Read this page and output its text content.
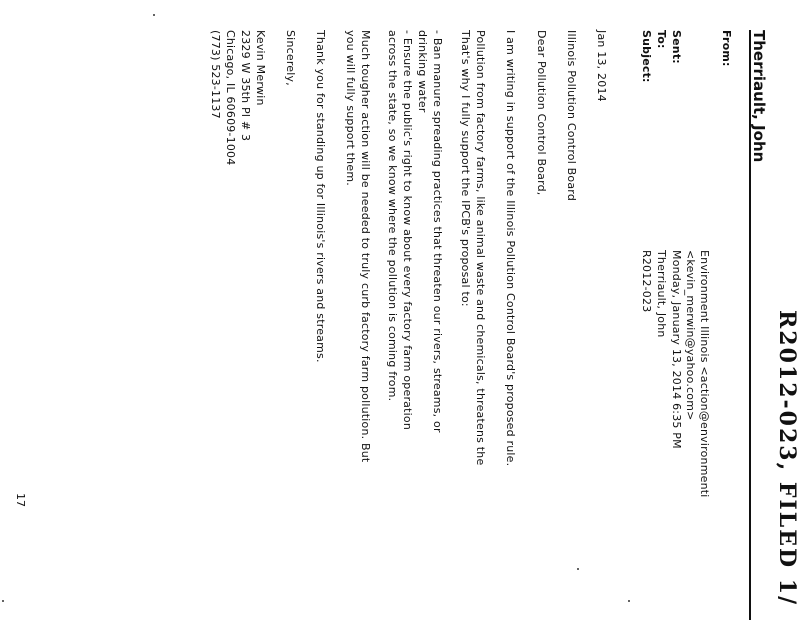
R2012-023, FILED 1/
Therriault, John
From:
Environment Illinois <action@environmenti
<kevin_merwin@yahoo.com>
Sent:
Monday, January 13, 2014 6:35 PM
To:
Therriault, John
Subject:
R2012-023
Jan 13, 2014
Illinois Pollution Control Board
Dear Pollution Control Board,
I am writing in support of the Illinois Pollution Control Board's proposed rule.
Pollution from factory farms, like animal waste and chemicals, threatens the
That's why I fully support the IPCB's proposal to:
- Ban manure spreading practices that threaten our rivers, streams, or
drinking water
- Ensure the public's right to know about every factory farm operation
across the state, so we know where the pollution is coming from.
Much tougher action will be needed to truly curb factory farm pollution. But
you will fully support them.
Thank you for standing up for Illinois's rivers and streams.
Sincerely,
Kevin Merwin
2329 W 35th Pl # 3
Chicago, IL 60609-1004
(773) 523-1137
17
